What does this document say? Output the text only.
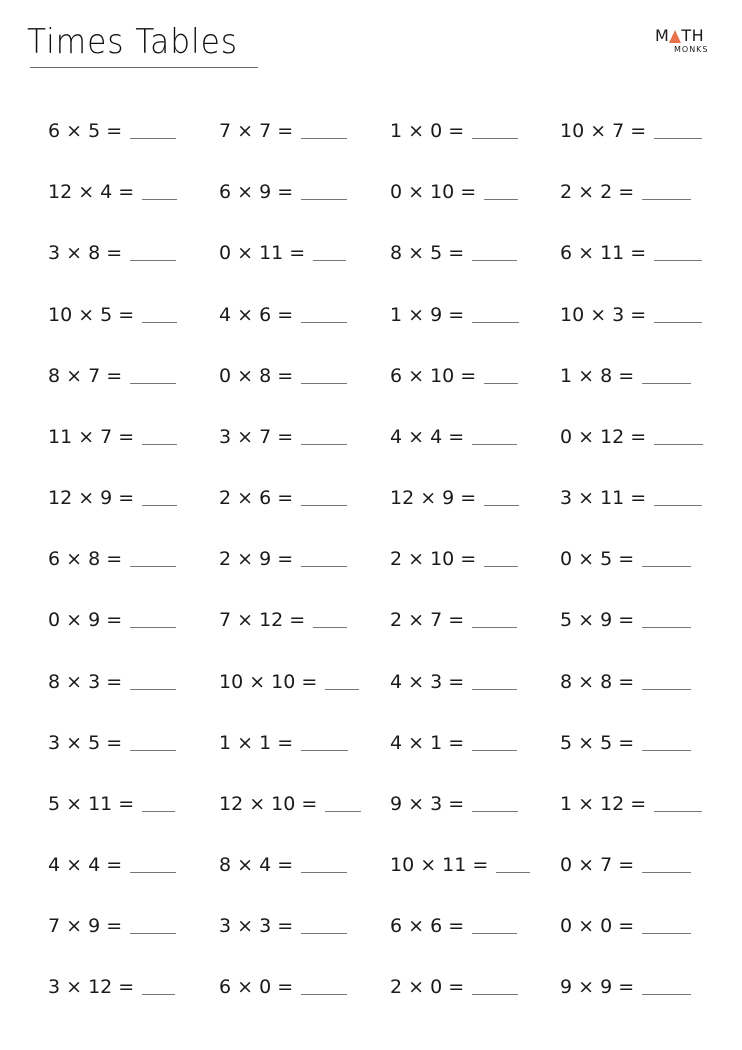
Times Tables	M TH
MONKS
6 × 5 =	7 × 7 =	1 × 0 =	10 × 7 =
12 × 4 =	6 × 9 =	0 × 10 =	2 × 2 =
3 × 8 =	0 × 11 =	8 × 5 =	6 × 11 =
10 × 5 =	4 × 6 =	1 × 9 =	10 × 3 =
8 × 7 =	0 × 8 =	6 × 10 =	1 × 8 =
11 × 7 =	3 × 7 =	4 × 4 =	0 × 12 =
12 × 9 =	2 × 6 =	12 × 9 =	3 × 11 =
6 × 8 =	2 × 9 =	2 × 10 =	0 × 5 =
0 × 9 =	7 × 12 =	2 × 7 =	5 × 9 =
8 × 3 =	10 × 10 =	4 × 3 =	8 × 8 =
3 × 5 =	1 × 1 =	4 × 1 =	5 × 5 =
5 × 11 =	12 × 10 =	9 × 3 =	1 × 12 =
4 × 4 =	8 × 4 =	10 × 11 =	0 × 7 =
7 × 9 =	3 × 3 =	6 × 6 =	0 × 0 =
3 × 12 =	6 × 0 =	2 × 0 =	9 × 9 =
